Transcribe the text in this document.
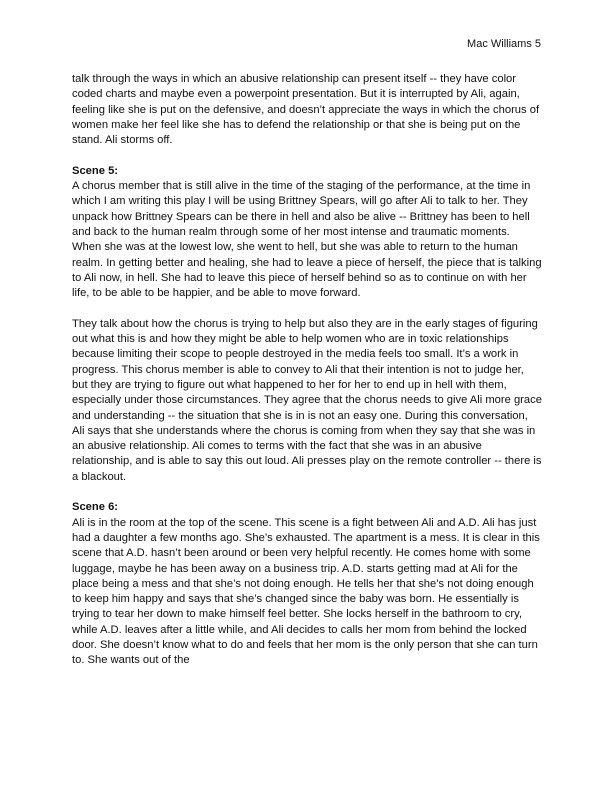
Mac Williams 5

talk through the ways in which an abusive relationship can present itself -- they have color coded charts and maybe even a powerpoint presentation. But it is interrupted by Ali, again, feeling like she is put on the defensive, and doesn’t appreciate the ways in which the chorus of women make her feel like she has to defend the relationship or that she is being put on the stand. Ali storms off.

Scene 5:

A chorus member that is still alive in the time of the staging of the performance, at the time in which I am writing this play I will be using Brittney Spears, will go after Ali to talk to her. They unpack how Brittney Spears can be there in hell and also be alive -- Brittney has been to hell and back to the human realm through some of her most intense and traumatic moments. When she was at the lowest low, she went to hell, but she was able to return to the human realm. In getting better and healing, she had to leave a piece of herself, the piece that is talking to Ali now, in hell. She had to leave this piece of herself behind so as to continue on with her life, to be able to be happier, and be able to move forward.

They talk about how the chorus is trying to help but also they are in the early stages of figuring out what this is and how they might be able to help women who are in toxic relationships because limiting their scope to people destroyed in the media feels too small. It’s a work in progress. This chorus member is able to convey to Ali that their intention is not to judge her, but they are trying to figure out what happened to her for her to end up in hell with them, especially under those circumstances. They agree that the chorus needs to give Ali more grace and understanding -- the situation that she is in is not an easy one. During this conversation, Ali says that she understands where the chorus is coming from when they say that she was in an abusive relationship. Ali comes to terms with the fact that she was in an abusive relationship, and is able to say this out loud. Ali presses play on the remote controller -- there is a blackout.

Scene 6:

Ali is in the room at the top of the scene. This scene is a fight between Ali and A.D. Ali has just had a daughter a few months ago. She’s exhausted. The apartment is a mess. It is clear in this scene that A.D. hasn’t been around or been very helpful recently. He comes home with some luggage, maybe he has been away on a business trip. A.D. starts getting mad at Ali for the place being a mess and that she’s not doing enough. He tells her that she’s not doing enough to keep him happy and says that she’s changed since the baby was born. He essentially is trying to tear her down to make himself feel better. She locks herself in the bathroom to cry, while A.D. leaves after a little while, and Ali decides to calls her mom from behind the locked door. She doesn’t know what to do and feels that her mom is the only person that she can turn to. She wants out of the
